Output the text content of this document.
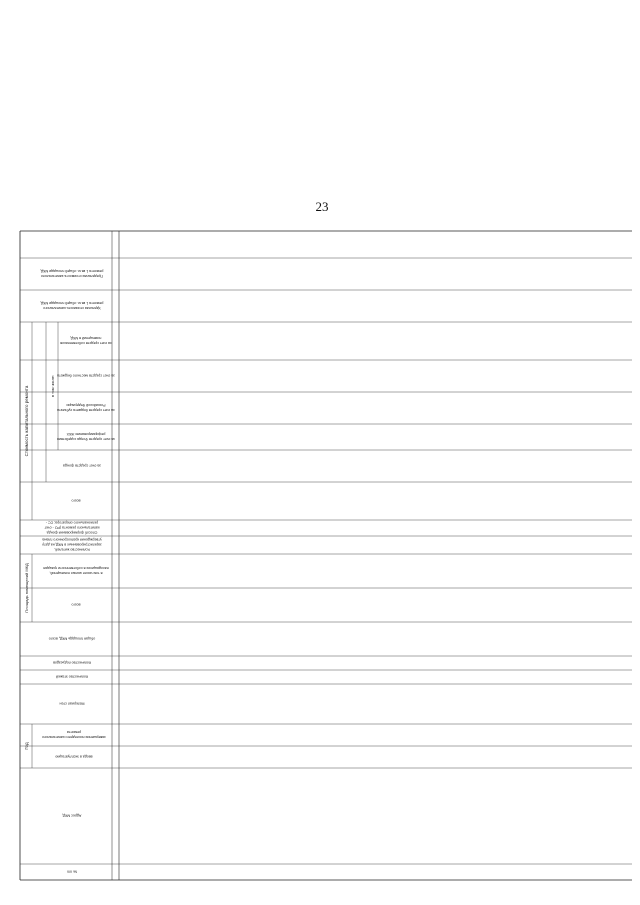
23
Год
Площадь помещений МКД
Стоимость капитального ремонта	в том числе:
№ п/п
Адрес МКД
ввода в эксплуатацию
завершения последнего капитального
ремонта
Материал стен
Количество этажей
Количество подъездов
общая площадь МКД, всего
всего
в том числе жилых помещений,
находящихся в собственности граждан
Количество жителей,
зарегистрированных в МКД на дату
утверждения краткосрочного плана
Способ формирования фонда
капитального ремонта (РО - счет
регионального оператора; СС -
всего
за счет средств фонда
за счет средств Фонда содействия
реформированию ЖКХ
за счет средств бюджета субъекта
Российской Федерации
за счет средств местного бюджета
за счет средств собственников
помещений в МКД
Удельная стоимость капитального
ремонта 1 кв.м. общей площади МКД
Предельная стоимость капитального
ремонта 1 кв.м. общей площади МКД
